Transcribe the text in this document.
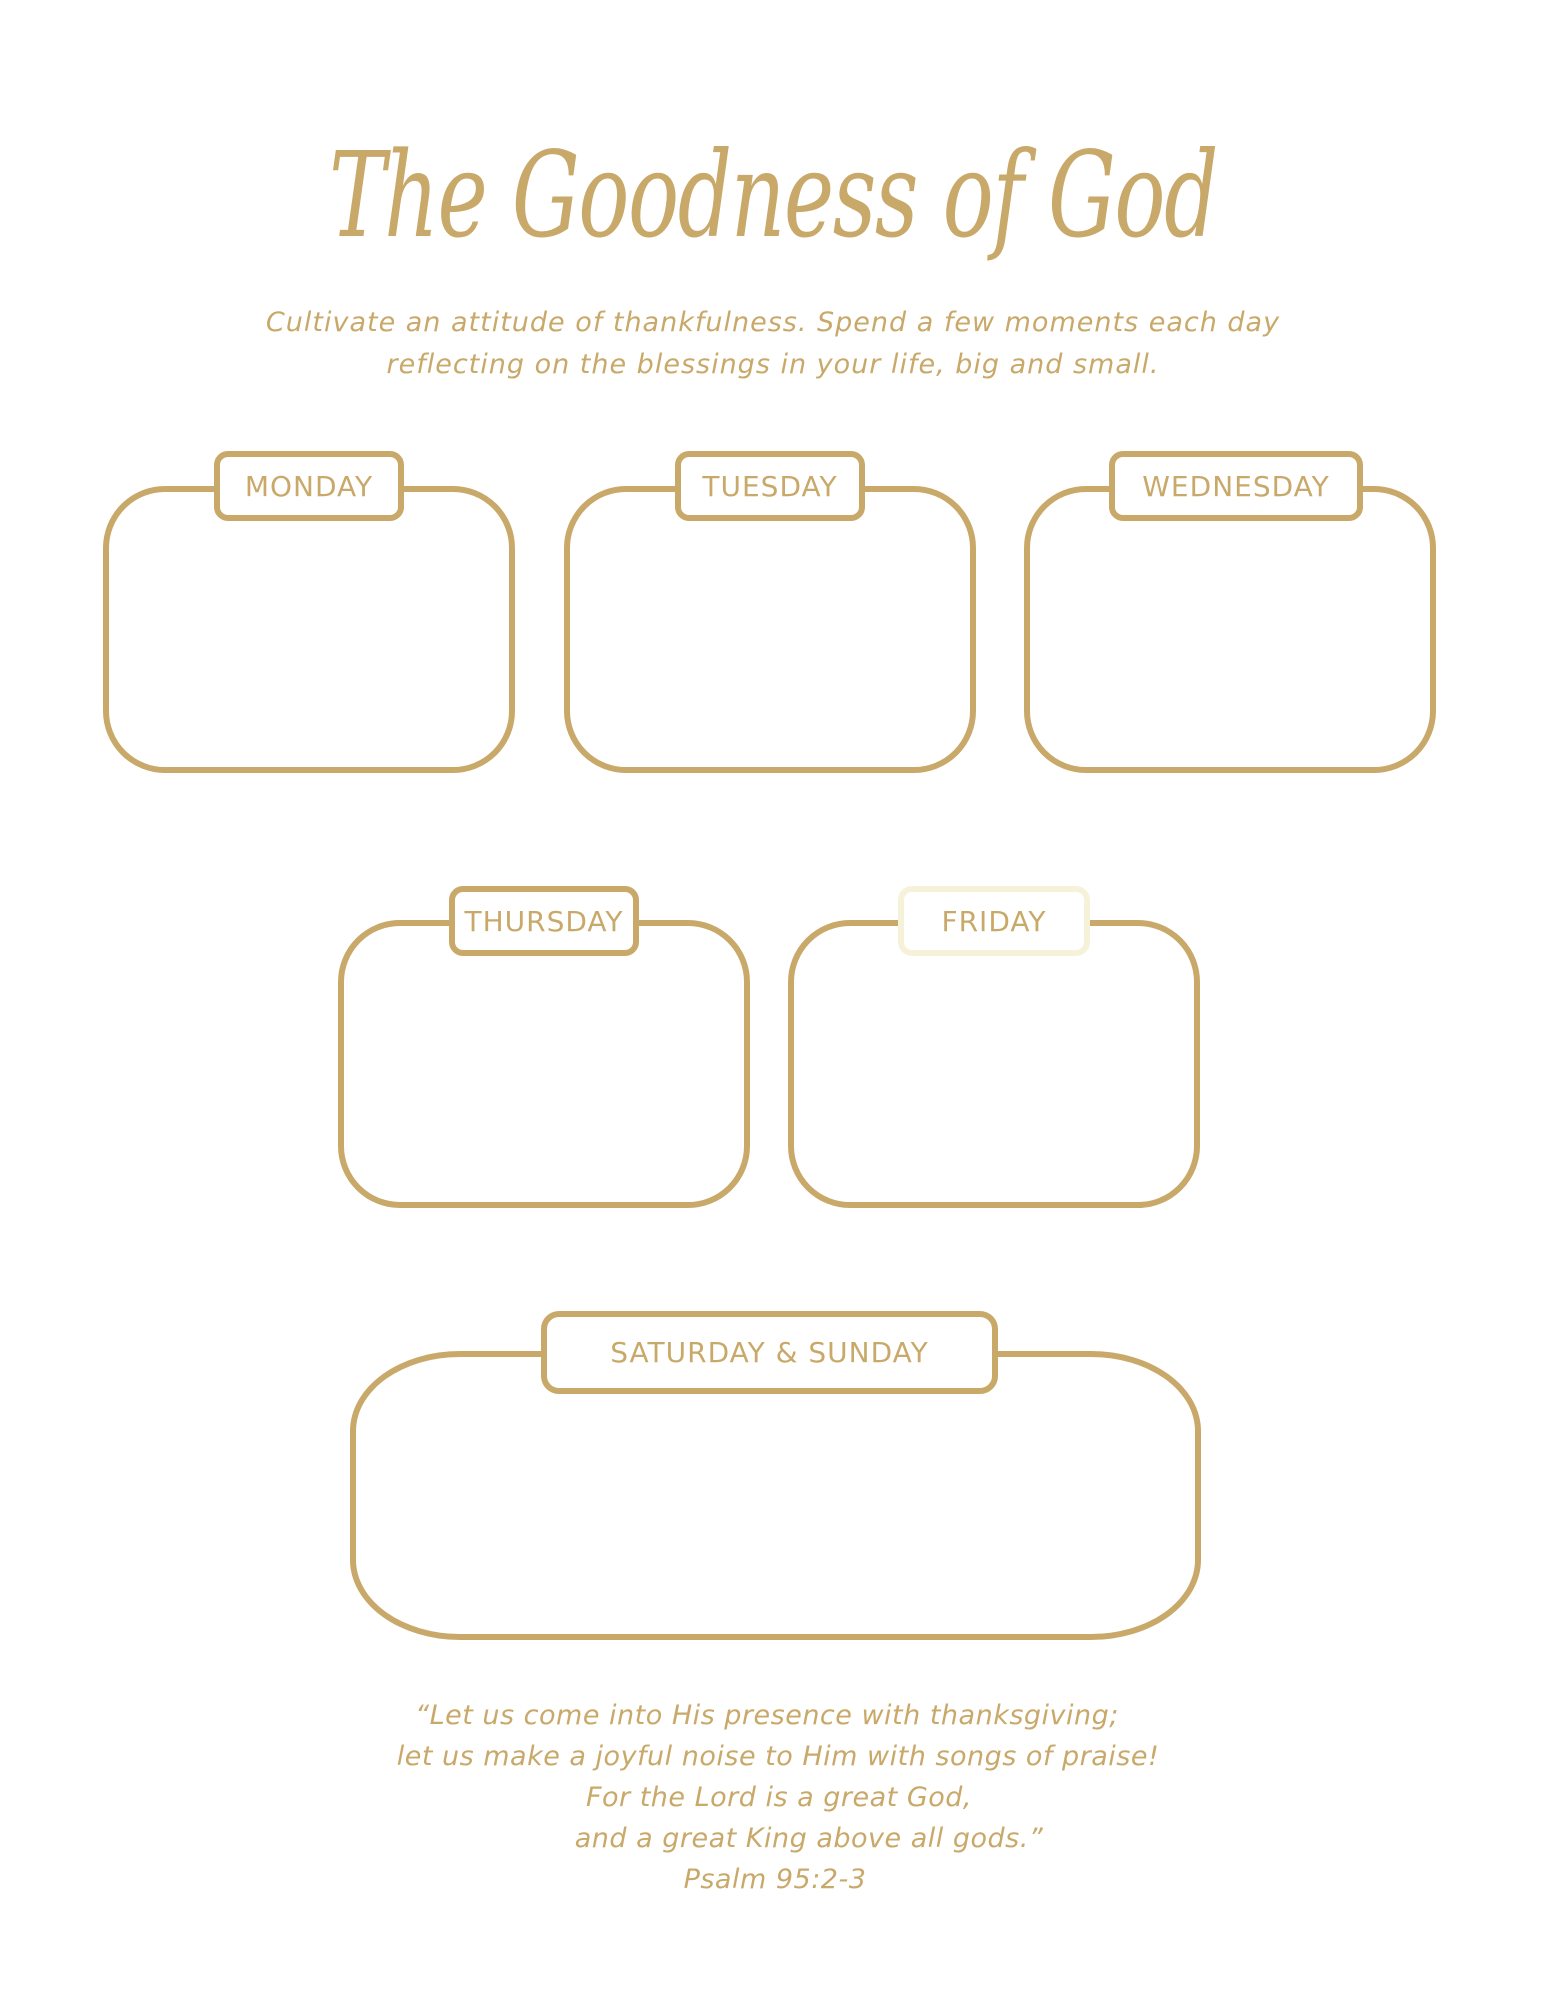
The Goodness of God
Cultivate an attitude of thankfulness. Spend a few moments each day
reflecting on the blessings in your life, big and small.
MONDAY	TUESDAY	WEDNESDAY
THURSDAY	FRIDAY
SATURDAY & SUNDAY
“Let us come into His presence with thanksgiving;
let us make a joyful noise to Him with songs of praise!
For the Lord is a great God,
and a great King above all gods.”
Psalm 95:2-3
